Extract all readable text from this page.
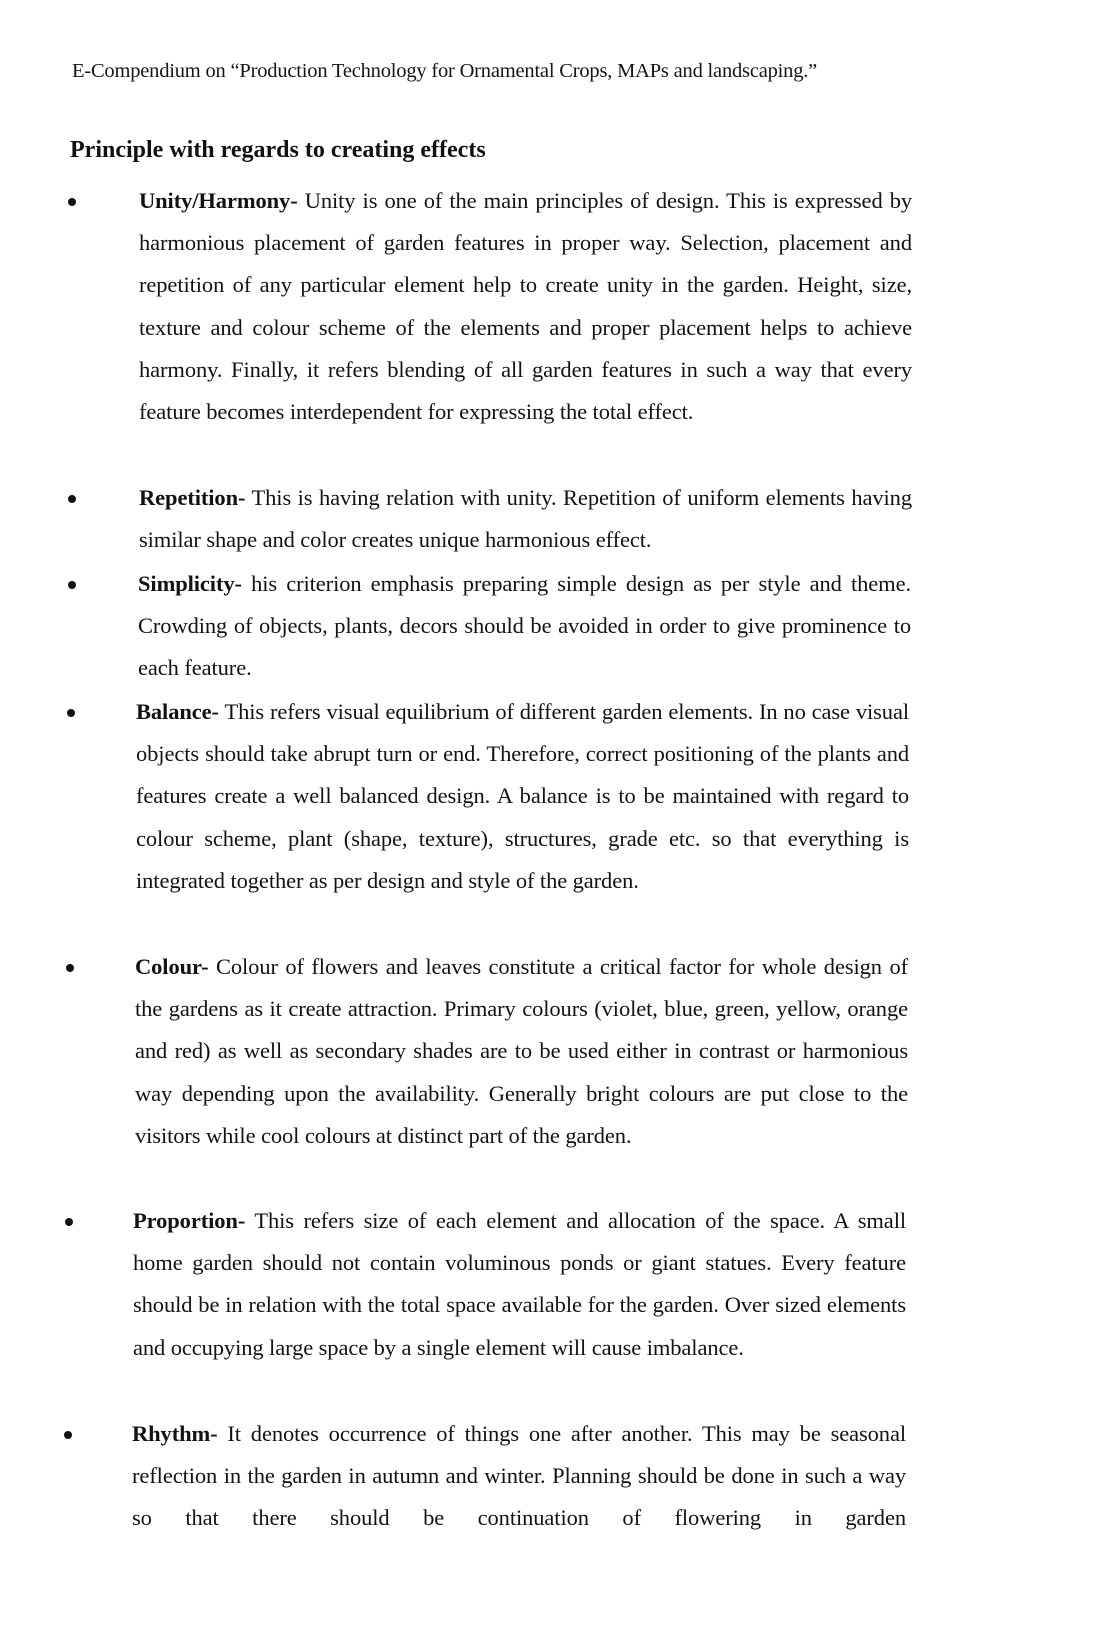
E-Compendium on “Production Technology for Ornamental Crops, MAPs and landscaping.”
Principle with regards to creating effects
Unity/Harmony- Unity is one of the main principles of design. This is expressed by harmonious placement of garden features in proper way. Selection, placement and repetition of any particular element help to create unity in the garden. Height, size, texture and colour scheme of the elements and proper placement helps to achieve harmony. Finally, it refers blending of all garden features in such a way that every feature becomes interdependent for expressing the total effect.
Repetition- This is having relation with unity. Repetition of uniform elements having similar shape and color creates unique harmonious effect.
Simplicity- his criterion emphasis preparing simple design as per style and theme. Crowding of objects, plants, decors should be avoided in order to give prominence to each feature.
Balance- This refers visual equilibrium of different garden elements. In no case visual objects should take abrupt turn or end. Therefore, correct positioning of the plants and features create a well balanced design. A balance is to be maintained with regard to colour scheme, plant (shape, texture), structures, grade etc. so that everything is integrated together as per design and style of the garden.
Colour- Colour of flowers and leaves constitute a critical factor for whole design of the gardens as it create attraction. Primary colours (violet, blue, green, yellow, orange and red) as well as secondary shades are to be used either in contrast or harmonious way depending upon the availability. Generally bright colours are put close to the visitors while cool colours at distinct part of the garden.
Proportion- This refers size of each element and allocation of the space. A small home garden should not contain voluminous ponds or giant statues. Every feature should be in relation with the total space available for the garden. Over sized elements and occupying large space by a single element will cause imbalance.
Rhythm- It denotes occurrence of things one after another. This may be seasonal reflection in the garden in autumn and winter. Planning should be done in such a way so that there should be continuation of flowering in garden
